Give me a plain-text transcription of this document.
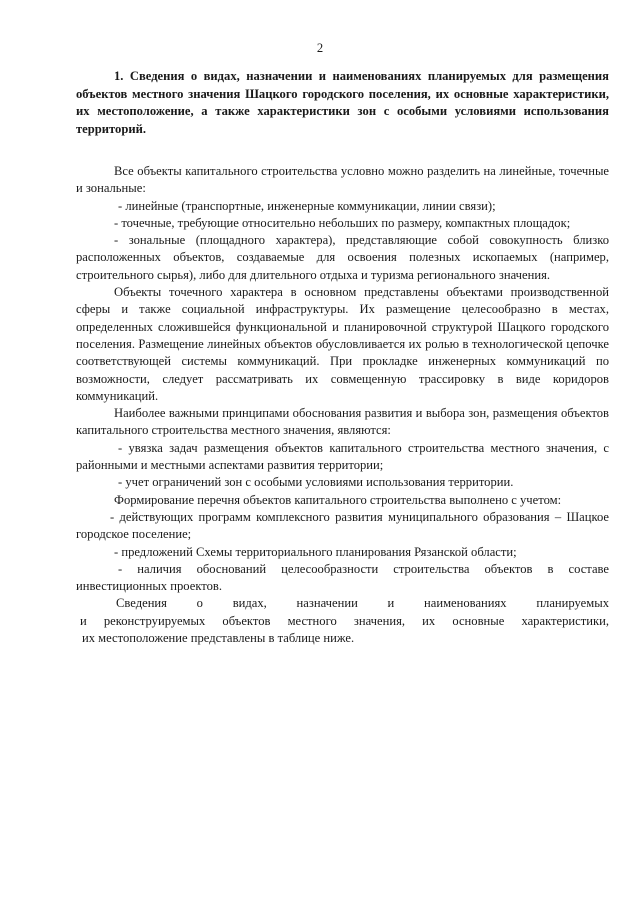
2

1. Сведения о видах, назначении и наименованиях планируемых для размещения объектов местного значения Шацкого городского поселения, их основные характеристики, их местоположение, а также характеристики зон с особыми условиями использования территорий.

Все объекты капитального строительства условно можно разделить на линейные, точечные и зональные:

- линейные (транспортные, инженерные коммуникации, линии связи);

- точечные, требующие относительно небольших по размеру, компактных площадок;

- зональные (площадного характера), представляющие собой совокупность близко расположенных объектов, создаваемые для освоения полезных ископаемых (например, строительного сырья), либо для длительного отдыха и туризма регионального значения.

Объекты точечного характера в основном представлены объектами производственной сферы и также социальной инфраструктуры. Их размещение целесообразно в местах, определенных сложившейся функциональной и планировочной структурой Шацкого городского поселения. Размещение линейных объектов обусловливается их ролью в технологической цепочке соответствующей системы коммуникаций. При прокладке инженерных коммуникаций по возможности, следует рассматривать их совмещенную трассировку в виде коридоров коммуникаций.

Наиболее важными принципами обоснования развития и выбора зон, размещения объектов капитального строительства местного значения, являются:

- увязка задач размещения объектов капитального строительства местного значения, с районными и местными аспектами развития территории;

- учет ограничений зон с особыми условиями использования территории.

Формирование перечня объектов капитального строительства выполнено с учетом:

- действующих программ комплексного развития муниципального образования – Шацкое городское поселение;

- предложений Схемы территориального планирования Рязанской области;

- наличия обоснований целесообразности строительства объектов в составе инвестиционных проектов.

Сведения о видах, назначении и наименованиях планируемых
и реконструируемых объектов местного значения, их основные характеристики,
их местоположение представлены в таблице ниже.
